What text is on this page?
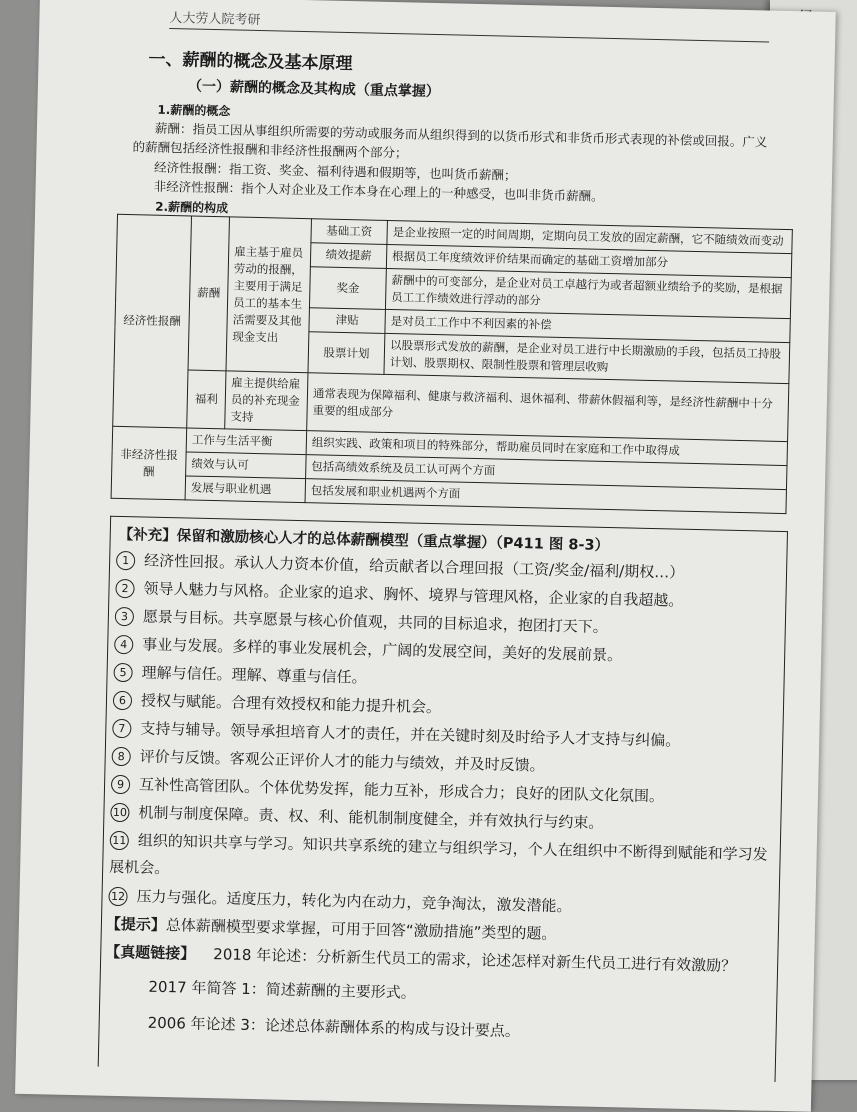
人大劳人院考研
一、薪酬的概念及基本原理
（一）薪酬的概念及其构成（重点掌握）
1.薪酬的概念
薪酬：指员工因从事组织所需要的劳动或服务而从组织得到的以货币形式和非货币形式表现的补偿或回报。广义的薪酬包括经济性报酬和非经济性报酬两个部分；
经济性报酬：指工资、奖金、福利待遇和假期等，也叫货币薪酬；
非经济性报酬：指个人对企业及工作本身在心理上的一种感受，也叫非货币薪酬。
2.薪酬的构成
经济性报酬	薪酬	雇主基于雇员劳动的报酬，主要用于满足员工的基本生活需要及其他现金支出	基础工资	是企业按照一定的时间周期，定期向员工发放的固定薪酬，它不随绩效而变动
			绩效提薪	根据员工年度绩效评价结果而确定的基础工资增加部分
			奖金	薪酬中的可变部分，是企业对员工卓越行为或者超额业绩给予的奖励，是根据员工工作绩效进行浮动的部分
			津贴	是对员工工作中不利因素的补偿
			股票计划	以股票形式发放的薪酬，是企业对员工进行中长期激励的手段，包括员工持股计划、股票期权、限制性股票和管理层收购
	福利	雇主提供给雇员的补充现金支持	通常表现为保障福利、健康与救济福利、退休福利、带薪休假福利等，是经济性薪酬中十分重要的组成部分	
非经济性报酬	工作与生活平衡		组织实践、政策和项目的特殊部分，帮助雇员同时在家庭和工作中取得成	
	绩效与认可		包括高绩效系统及员工认可两个方面	
	发展与职业机遇		包括发展和职业机遇两个方面	
【补充】保留和激励核心人才的总体薪酬模型（重点掌握）（P411 图 8-3）
1 经济性回报。承认人力资本价值，给贡献者以合理回报（工资/奖金/福利/期权…）
2 领导人魅力与风格。企业家的追求、胸怀、境界与管理风格，企业家的自我超越。
3 愿景与目标。共享愿景与核心价值观，共同的目标追求，抱团打天下。
4 事业与发展。多样的事业发展机会，广阔的发展空间，美好的发展前景。
5 理解与信任。理解、尊重与信任。
6 授权与赋能。合理有效授权和能力提升机会。
7 支持与辅导。领导承担培育人才的责任，并在关键时刻及时给予人才支持与纠偏。
8 评价与反馈。客观公正评价人才的能力与绩效，并及时反馈。
9 互补性高管团队。个体优势发挥，能力互补，形成合力；良好的团队文化氛围。
10 机制与制度保障。责、权、利、能机制制度健全，并有效执行与约束。
11 组织的知识共享与学习。知识共享系统的建立与组织学习，个人在组织中不断得到赋能和学习发展机会。
12 压力与强化。适度压力，转化为内在动力，竞争淘汰，激发潜能。
【提示】总体薪酬模型要求掌握，可用于回答“激励措施”类型的题。
【真题链接】 2018 年论述：分析新生代员工的需求，论述怎样对新生代员工进行有效激励？
2017 年简答 1：简述薪酬的主要形式。
2006 年论述 3：论述总体薪酬体系的构成与设计要点。
